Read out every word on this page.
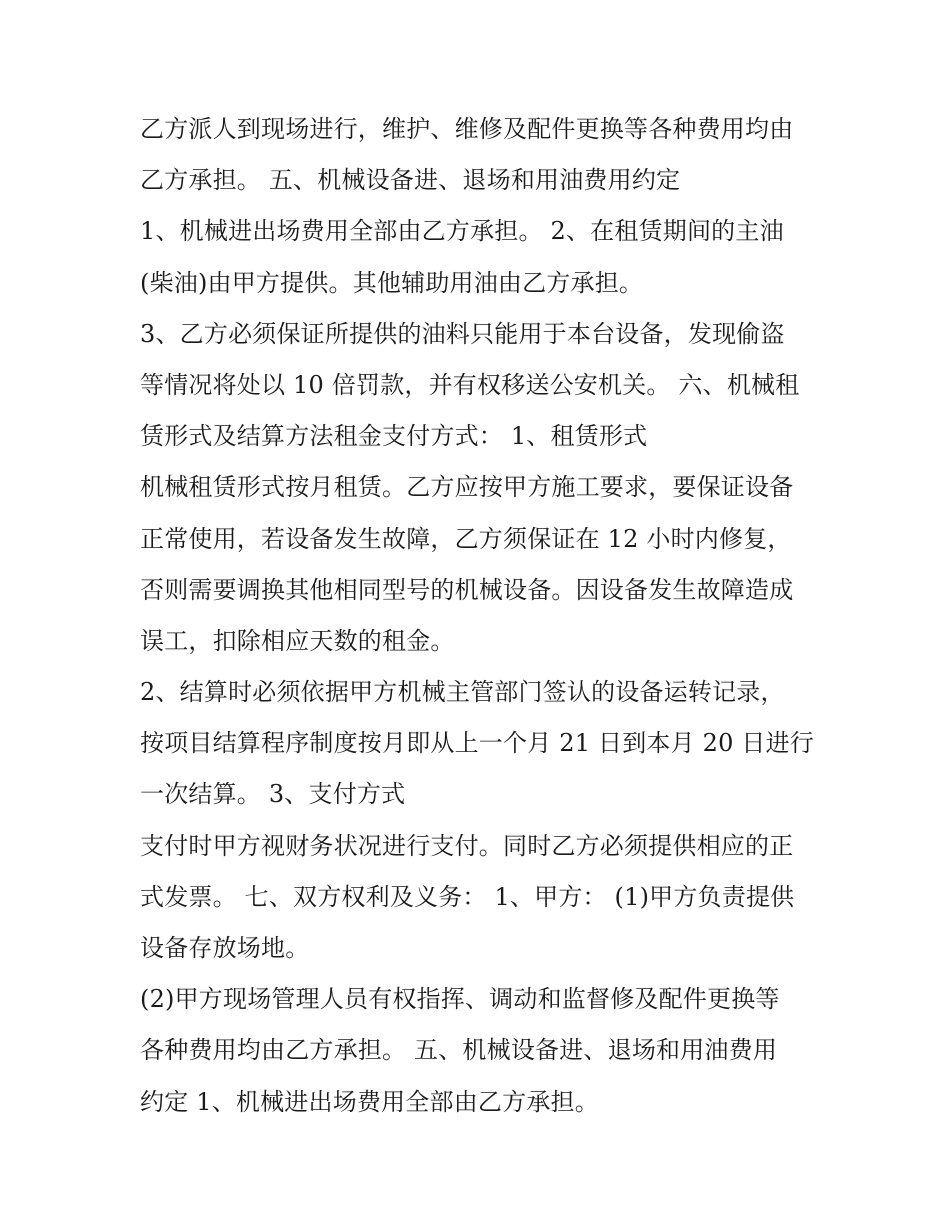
乙方派人到现场进行，维护、维修及配件更换等各种费用均由
乙方承担。 五、机械设备进、退场和用油费用约定
1、机械进出场费用全部由乙方承担。 2、在租赁期间的主油
(柴油)由甲方提供。其他辅助用油由乙方承担。
3、乙方必须保证所提供的油料只能用于本台设备，发现偷盗
等情况将处以 10 倍罚款，并有权移送公安机关。 六、机械租
赁形式及结算方法租金支付方式： 1、租赁形式
机械租赁形式按月租赁。乙方应按甲方施工要求，要保证设备
正常使用，若设备发生故障，乙方须保证在 12 小时内修复，
否则需要调换其他相同型号的机械设备。因设备发生故障造成
误工，扣除相应天数的租金。
2、结算时必须依据甲方机械主管部门签认的设备运转记录，
按项目结算程序制度按月即从上一个月 21 日到本月 20 日进行
一次结算。 3、支付方式
支付时甲方视财务状况进行支付。同时乙方必须提供相应的正
式发票。 七、双方权利及义务： 1、甲方： (1)甲方负责提供
设备存放场地。
(2)甲方现场管理人员有权指挥、调动和监督修及配件更换等
各种费用均由乙方承担。 五、机械设备进、退场和用油费用
约定 1、机械进出场费用全部由乙方承担。
